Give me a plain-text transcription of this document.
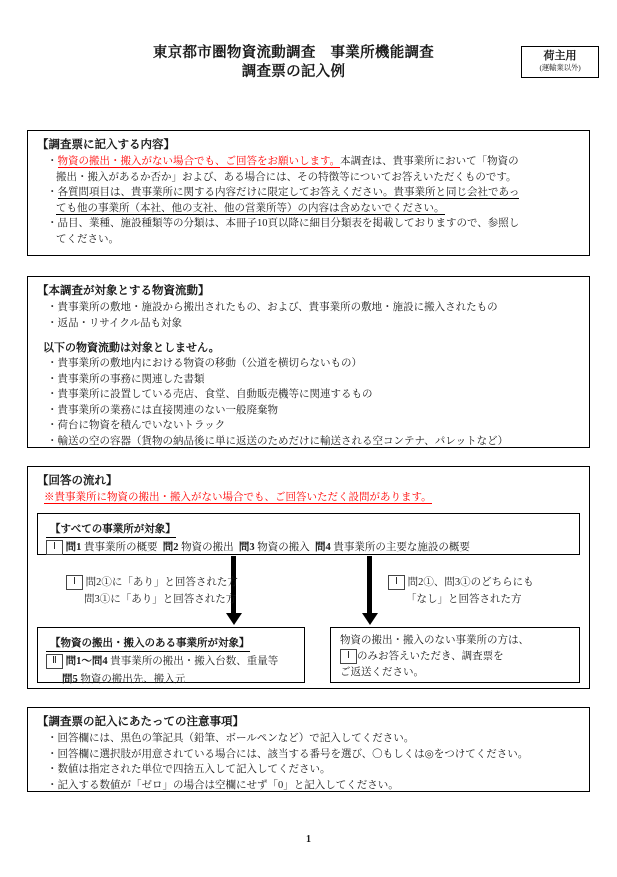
東京都市圏物資流動調査　事業所機能調査
調査票の記入例
荷主用
(運輸業以外)
【調査票に記入する内容】
・物資の搬出・搬入がない場合でも、ご回答をお願いします。本調査は、貴事業所において「物資の
搬出・搬入があるか否か」および、ある場合には、その特徴等についてお答えいただくものです。
・各質問項目は、貴事業所に関する内容だけに限定してお答えください。貴事業所と同じ会社であっ
ても他の事業所（本社、他の支社、他の営業所等）の内容は含めないでください。
・品目、業種、施設種類等の分類は、本冊子10頁以降に細目分類表を掲載しておりますので、参照し
てください。
【本調査が対象とする物資流動】
・貴事業所の敷地・施設から搬出されたもの、および、貴事業所の敷地・施設に搬入されたもの
・返品・リサイクル品も対象
以下の物資流動は対象としません。
・貴事業所の敷地内における物資の移動（公道を横切らないもの）
・貴事業所の事務に関連した書類
・貴事業所に設置している売店、食堂、自動販売機等に関連するもの
・貴事業所の業務には直接関連のない一般廃棄物
・荷台に物資を積んでいないトラック
・輸送の空の容器（貨物の納品後に単に返送のためだけに輸送される空コンテナ、パレットなど）
【回答の流れ】
※貴事業所に物資の搬出・搬入がない場合でも、ご回答いただく設問があります。
【すべての事業所が対象】
Ⅰ 問1 貴事業所の概要 問2 物資の搬出 問3 物資の搬入 問4 貴事業所の主要な施設の概要
Ⅰ 問2①に「あり」と回答された方
問3①に「あり」と回答された方
Ⅰ 問2①、問3①のどちらにも
「なし」と回答された方
【物資の搬出・搬入のある事業所が対象】
Ⅱ 問1～問4 貴事業所の搬出・搬入台数、重量等
問5 物資の搬出先、搬入元
物資の搬出・搬入のない事業所の方は、
Ⅰ のみお答えいただき、調査票を
ご返送ください。
【調査票の記入にあたっての注意事項】
・回答欄には、黒色の筆記具（鉛筆、ボールペンなど）で記入してください。
・回答欄に選択肢が用意されている場合には、該当する番号を選び、〇もしくは◎をつけてください。
・数値は指定された単位で四捨五入して記入してください。
・記入する数値が「ゼロ」の場合は空欄にせず「0」と記入してください。
1
